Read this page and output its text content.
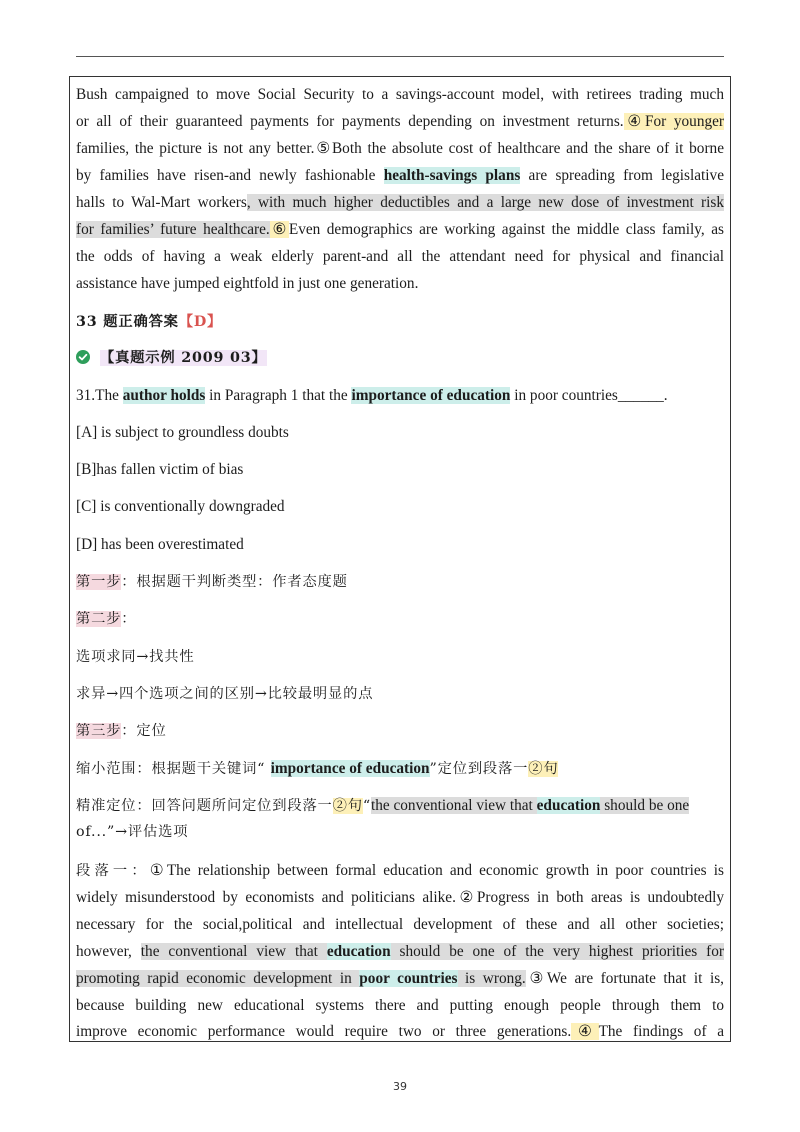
Bush campaigned to move Social Security to a savings-account model, with retirees trading much
or all of their guaranteed payments for payments depending on investment returns.④For younger
families, the picture is not any better.⑤Both the absolute cost of healthcare and the share of it borne
by families have risen-and newly fashionable health-savings plans are spreading from legislative
halls to Wal-Mart workers, with much higher deductibles and a large new dose of investment risk
for families’ future healthcare.⑥Even demographics are working against the middle class family, as
the odds of having a weak elderly parent-and all the attendant need for physical and financial
assistance have jumped eightfold in just one generation.
33 题正确答案【D】
【真题示例 2009 03】
31.The author holds in Paragraph 1 that the importance of education in poor countries______.
[A] is subject to groundless doubts
[B]has fallen victim of bias
[C] is conventionally downgraded
[D] has been overestimated
第一步：根据题干判断类型：作者态度题
第二步：
选项求同→找共性
求异→四个选项之间的区别→比较最明显的点
第三步：定位
缩小范围：根据题干关键词“ importance of education”定位到段落一②句
精准定位：回答问题所问定位到段落一②句“the conventional view that education should be one
of...”→评估选项
段落一：①The relationship between formal education and economic growth in poor countries is
widely misunderstood by economists and politicians alike.②Progress in both areas is undoubtedly
necessary for the social,political and intellectual development of these and all other societies;
however, the conventional view that education should be one of the very highest priorities for
promoting rapid economic development in poor countries is wrong.③We are fortunate that it is,
because building new educational systems there and putting enough people through them to
improve economic performance would require two or three generations.④The findings of a
39
